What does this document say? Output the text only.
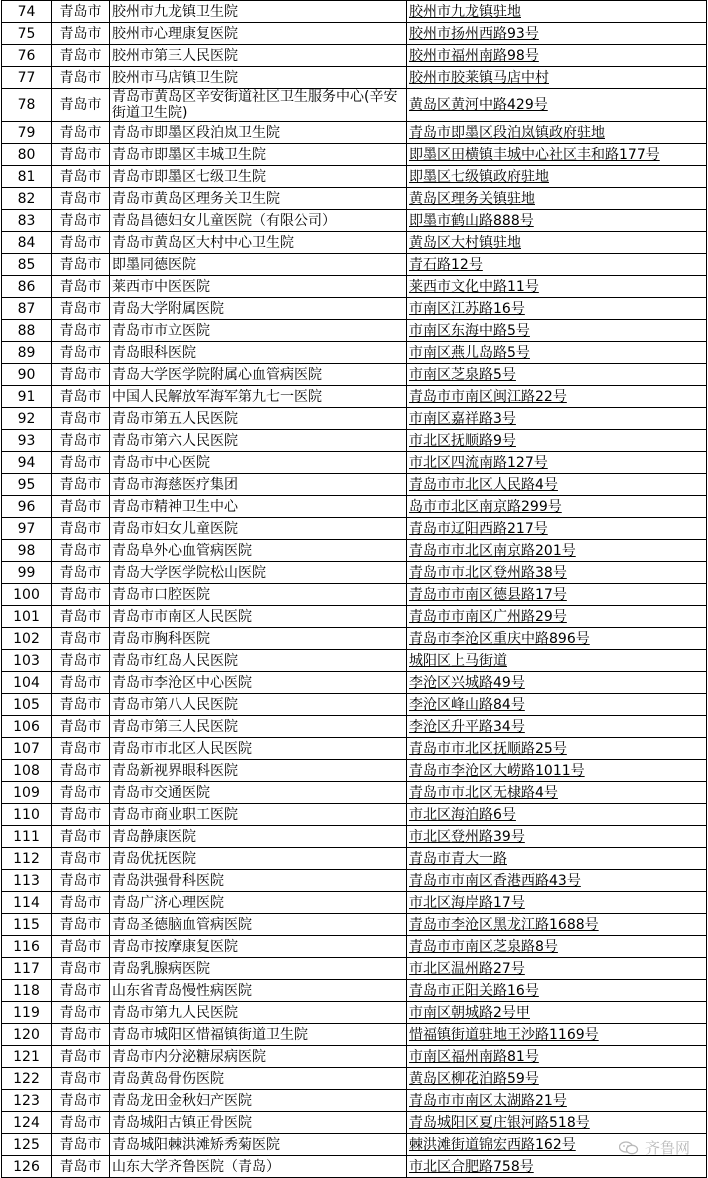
74	青岛市	胶州市九龙镇卫生院	胶州市九龙镇驻地
75	青岛市	胶州市心理康复医院	胶州市扬州西路93号
76	青岛市	胶州市第三人民医院	胶州市福州南路98号
77	青岛市	胶州市马店镇卫生院	胶州市胶莱镇马店中村
78	青岛市	青岛市黄岛区辛安街道社区卫生服务中心(辛安街道卫生院)	黄岛区黄河中路429号
79	青岛市	青岛市即墨区段泊岚卫生院	青岛市即墨区段泊岚镇政府驻地
80	青岛市	青岛市即墨区丰城卫生院	即墨区田横镇丰城中心社区丰和路177号
81	青岛市	青岛市即墨区七级卫生院	即墨区七级镇政府驻地
82	青岛市	青岛市黄岛区理务关卫生院	黄岛区理务关镇驻地
83	青岛市	青岛昌德妇女儿童医院（有限公司）	即墨市鹤山路888号
84	青岛市	青岛市黄岛区大村中心卫生院	黄岛区大村镇驻地
85	青岛市	即墨同德医院	青石路12号
86	青岛市	莱西市中医医院	莱西市文化中路11号
87	青岛市	青岛大学附属医院	市南区江苏路16号
88	青岛市	青岛市市立医院	市南区东海中路5号
89	青岛市	青岛眼科医院	市南区燕儿岛路5号
90	青岛市	青岛大学医学院附属心血管病医院	市南区芝泉路5号
91	青岛市	中国人民解放军海军第九七一医院	青岛市市南区闽江路22号
92	青岛市	青岛市第五人民医院	市南区嘉祥路3号
93	青岛市	青岛市第六人民医院	市北区抚顺路9号
94	青岛市	青岛市中心医院	市北区四流南路127号
95	青岛市	青岛市海慈医疗集团	青岛市市北区人民路4号
96	青岛市	青岛市精神卫生中心	岛市市北区南京路299号
97	青岛市	青岛市妇女儿童医院	青岛市辽阳西路217号
98	青岛市	青岛阜外心血管病医院	青岛市市北区南京路201号
99	青岛市	青岛大学医学院松山医院	青岛市市北区登州路38号
100	青岛市	青岛市口腔医院	青岛市市南区德县路17号
101	青岛市	青岛市市南区人民医院	青岛市市南区广州路29号
102	青岛市	青岛市胸科医院	青岛市李沧区重庆中路896号
103	青岛市	青岛市红岛人民医院	城阳区上马街道
104	青岛市	青岛市李沧区中心医院	李沧区兴城路49号
105	青岛市	青岛市第八人民医院	李沧区峰山路84号
106	青岛市	青岛市第三人民医院	李沧区升平路34号
107	青岛市	青岛市市北区人民医院	青岛市市北区抚顺路25号
108	青岛市	青岛新视界眼科医院	青岛市李沧区大崂路1011号
109	青岛市	青岛市交通医院	青岛市市北区无棣路4号
110	青岛市	青岛市商业职工医院	市北区海泊路6号
111	青岛市	青岛静康医院	市北区登州路39号
112	青岛市	青岛优抚医院	青岛市青大一路
113	青岛市	青岛洪强骨科医院	青岛市市南区香港西路43号
114	青岛市	青岛广济心理医院	市北区海岸路17号
115	青岛市	青岛圣德脑血管病医院	青岛市李沧区黑龙江路1688号
116	青岛市	青岛市按摩康复医院	青岛市市南区芝泉路8号
117	青岛市	青岛乳腺病医院	市北区温州路27号
118	青岛市	山东省青岛慢性病医院	青岛市正阳关路16号
119	青岛市	青岛市第九人民医院	市南区朝城路2号甲
120	青岛市	青岛市城阳区惜福镇街道卫生院	惜福镇街道驻地王沙路1169号
121	青岛市	青岛市内分泌糖尿病医院	市南区福州南路81号
122	青岛市	青岛黄岛骨伤医院	黄岛区柳花泊路59号
123	青岛市	青岛龙田金秋妇产医院	青岛市市南区太湖路21号
124	青岛市	青岛城阳古镇正骨医院	青岛城阳区夏庄银河路518号
125	青岛市	青岛城阳棘洪滩矫秀菊医院	棘洪滩街道锦宏西路162号
126	青岛市	山东大学齐鲁医院（青岛）	市北区合肥路758号
齐鲁网
